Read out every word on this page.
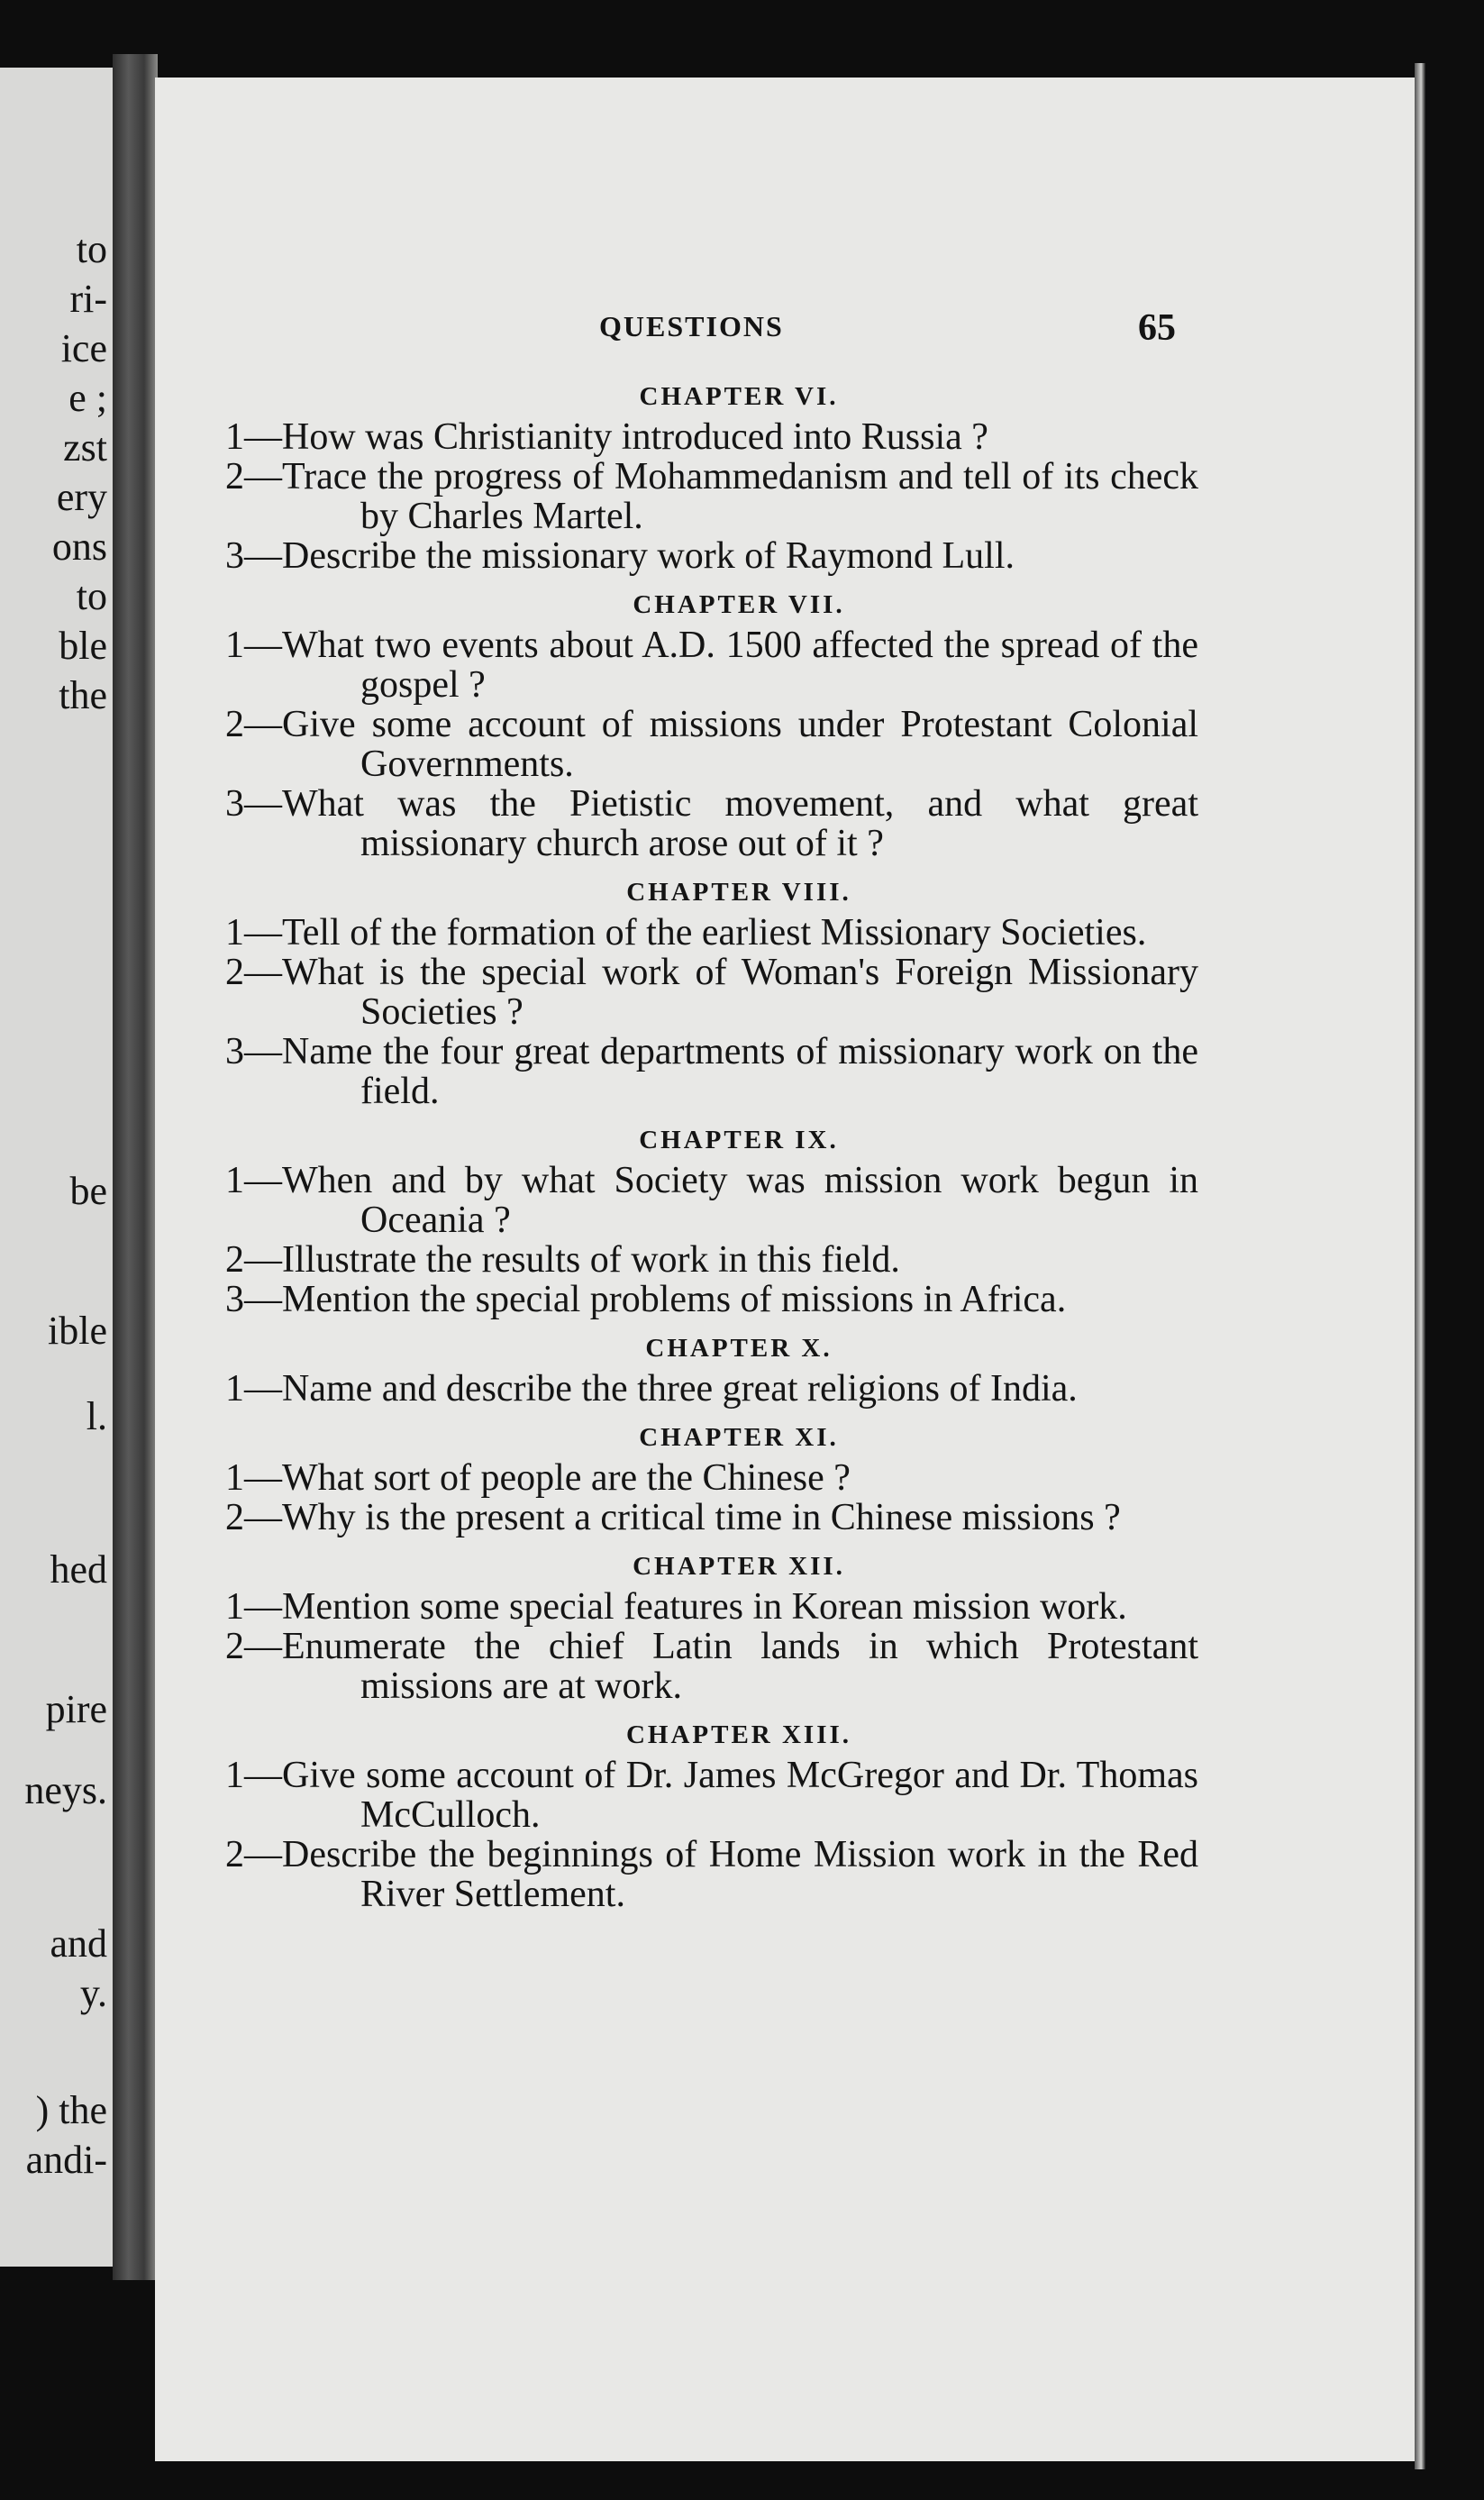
to
ri-
ice
e ;
zst
ery
ons
to
ble
the
be
ible
l.
hed
pire
neys.
and
y.
) the
andi-
QUESTIONS	65
CHAPTER VI.
1—How was Christianity introduced into Russia ?
2—Trace the progress of Mohammedanism and tell of its check by Charles Martel.
3—Describe the missionary work of Raymond Lull.
CHAPTER VII.
1—What two events about A.D. 1500 affected the spread of the gospel ?
2—Give some account of missions under Protestant Colonial Governments.
3—What was the Pietistic movement, and what great missionary church arose out of it ?
CHAPTER VIII.
1—Tell of the formation of the earliest Missionary Societies.
2—What is the special work of Woman's Foreign Missionary Societies ?
3—Name the four great departments of missionary work on the field.
CHAPTER IX.
1—When and by what Society was mission work begun in Oceania ?
2—Illustrate the results of work in this field.
3—Mention the special problems of missions in Africa.
CHAPTER X.
1—Name and describe the three great religions of India.
CHAPTER XI.
1—What sort of people are the Chinese ?
2—Why is the present a critical time in Chinese missions ?
CHAPTER XII.
1—Mention some special features in Korean mission work.
2—Enumerate the chief Latin lands in which Protestant missions are at work.
CHAPTER XIII.
1—Give some account of Dr. James McGregor and Dr. Thomas McCulloch.
2—Describe the beginnings of Home Mission work in the Red River Settlement.
